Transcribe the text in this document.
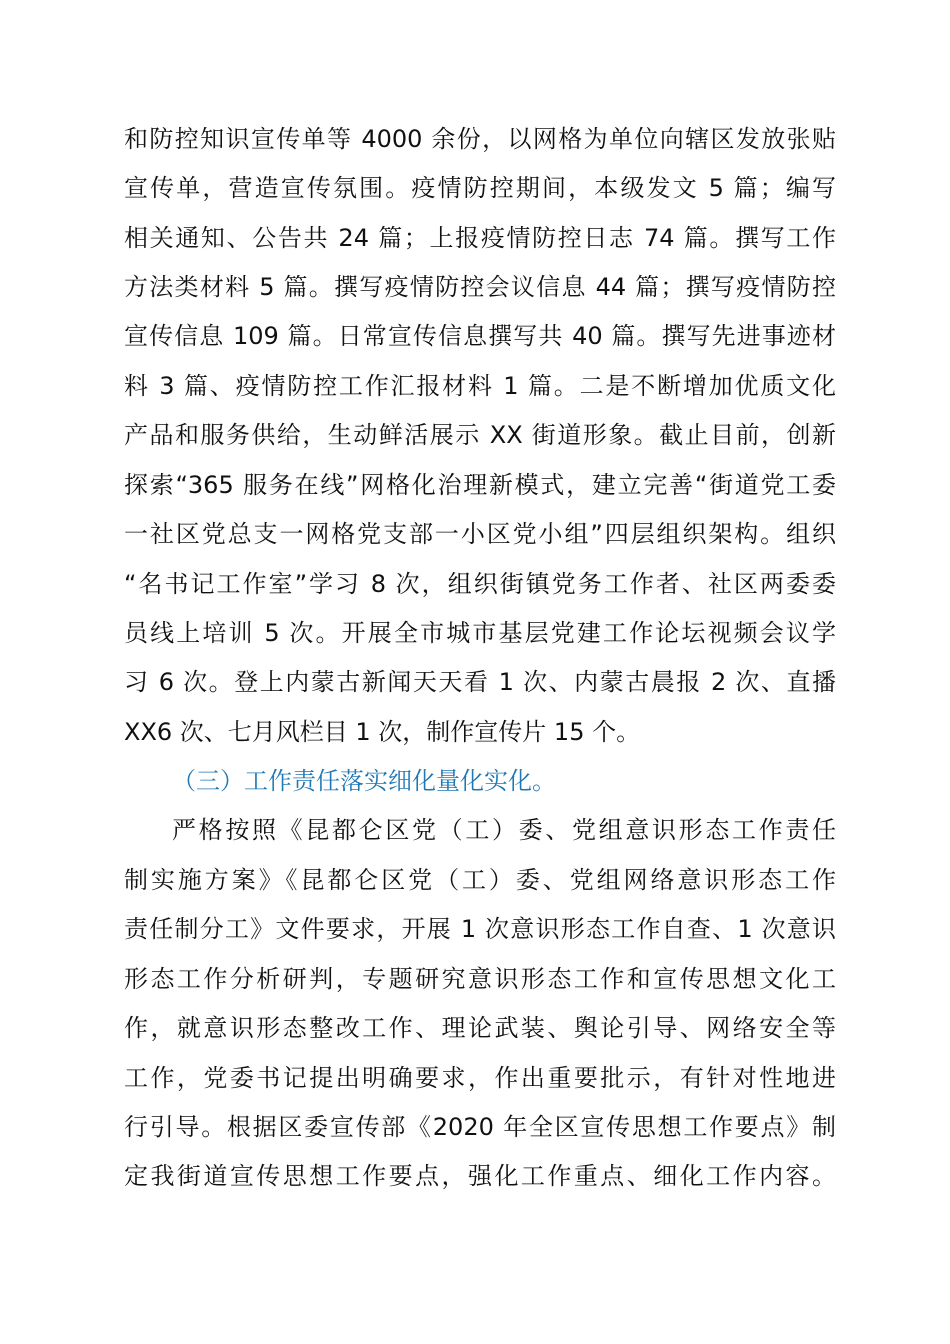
和防控知识宣传单等 4000 余份，以网格为单位向辖区发放张贴
宣传单，营造宣传氛围。疫情防控期间，本级发文 5 篇；编写
相关通知、公告共 24 篇；上报疫情防控日志 74 篇。撰写工作
方法类材料 5 篇。撰写疫情防控会议信息 44 篇；撰写疫情防控
宣传信息 109 篇。日常宣传信息撰写共 40 篇。撰写先进事迹材
料 3 篇、疫情防控工作汇报材料 1 篇。二是不断增加优质文化
产品和服务供给，生动鲜活展示 XX 街道形象。截止目前，创新
探索“365 服务在线”网格化治理新模式，建立完善“街道党工委
一社区党总支一网格党支部一小区党小组”四层组织架构。组织
“名书记工作室”学习 8 次，组织街镇党务工作者、社区两委委
员线上培训 5 次。开展全市城市基层党建工作论坛视频会议学
习 6 次。登上内蒙古新闻天天看 1 次、内蒙古晨报 2 次、直播
XX6 次、七月风栏目 1 次，制作宣传片 15 个。
（三）工作责任落实细化量化实化。
严格按照《昆都仑区党（工）委、党组意识形态工作责任
制实施方案》《昆都仑区党（工）委、党组网络意识形态工作
责任制分工》文件要求，开展 1 次意识形态工作自查、1 次意识
形态工作分析研判，专题研究意识形态工作和宣传思想文化工
作，就意识形态整改工作、理论武装、舆论引导、网络安全等
工作，党委书记提出明确要求，作出重要批示，有针对性地进
行引导。根据区委宣传部《2020 年全区宣传思想工作要点》制
定我街道宣传思想工作要点，强化工作重点、细化工作内容。
